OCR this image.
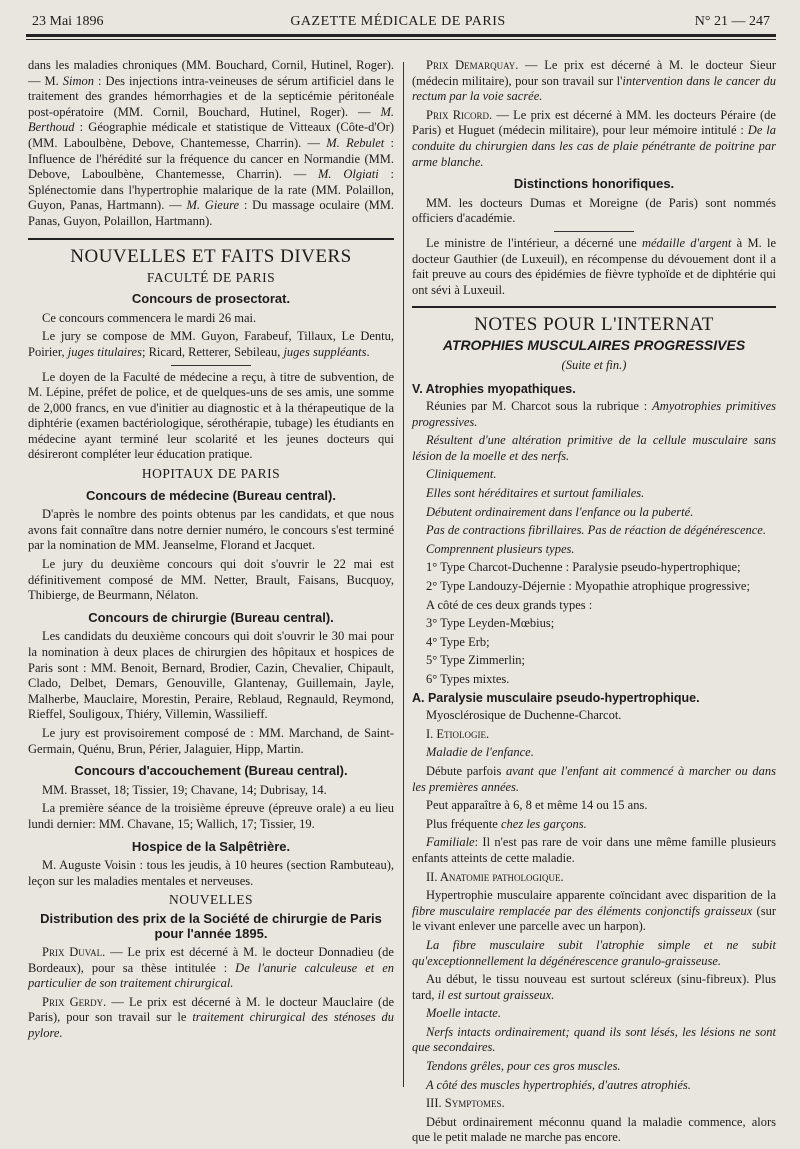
23 Mai 1896	GAZETTE MÉDICALE DE PARIS	N° 21 — 247

dans les maladies chroniques (MM. Bouchard, Cornil, Hutinel, Roger). — M. Simon : Des injections intra-veineuses de sérum artificiel dans le traitement des grandes hémorrhagies et de la septicémie péritonéale post-opératoire (MM. Cornil, Bouchard, Hutinel, Roger). — M. Berthoud : Géographie médicale et statistique de Vitteaux (Côte-d'Or) (MM. Laboulbène, Debove, Chantemesse, Charrin). — M. Rebulet : Influence de l'hérédité sur la fréquence du cancer en Normandie (MM. Debove, Laboulbène, Chantemesse, Charrin). — M. Olgiati : Splénectomie dans l'hypertrophie malarique de la rate (MM. Polaillon, Guyon, Panas, Hartmann). — M. Gieure : Du massage oculaire (MM. Panas, Guyon, Polaillon, Hartmann).

NOUVELLES ET FAITS DIVERS
FACULTÉ DE PARIS
Concours de prosectorat.

Ce concours commencera le mardi 26 mai.

Le jury se compose de MM. Guyon, Farabeuf, Tillaux, Le Dentu, Poirier, juges titulaires; Ricard, Retterer, Sebileau, juges suppléants.

Le doyen de la Faculté de médecine a reçu, à titre de subvention, de M. Lépine, préfet de police, et de quelques-uns de ses amis, une somme de 2,000 francs, en vue d'initier au diagnostic et à la thérapeutique de la diphtérie (examen bactériologique, sérothérapie, tubage) les étudiants en médecine ayant terminé leur scolarité et les jeunes docteurs qui désireront compléter leur éducation pratique.

HOPITAUX DE PARIS
Concours de médecine (Bureau central).

D'après le nombre des points obtenus par les candidats, et que nous avons fait connaître dans notre dernier numéro, le concours s'est terminé par la nomination de MM. Jeanselme, Florand et Jacquet.

Le jury du deuxième concours qui doit s'ouvrir le 22 mai est définitivement composé de MM. Netter, Brault, Faisans, Bucquoy, Thibierge, de Beurmann, Nélaton.

Concours de chirurgie (Bureau central).

Les candidats du deuxième concours qui doit s'ouvrir le 30 mai pour la nomination à deux places de chirurgien des hôpitaux et hospices de Paris sont : MM. Benoit, Bernard, Brodier, Cazin, Chevalier, Chipault, Clado, Delbet, Demars, Genouville, Glantenay, Guillemain, Jayle, Malherbe, Mauclaire, Morestin, Peraire, Reblaud, Regnauld, Reymond, Rieffel, Souligoux, Thiéry, Villemin, Wassilieff.

Le jury est provisoirement composé de : MM. Marchand, de Saint-Germain, Quénu, Brun, Périer, Jalaguier, Hipp, Martin.

Concours d'accouchement (Bureau central).

MM. Brasset, 18; Tissier, 19; Chavane, 14; Dubrisay, 14.

La première séance de la troisième épreuve (épreuve orale) a eu lieu lundi dernier: MM. Chavane, 15; Wallich, 17; Tissier, 19.

Hospice de la Salpêtrière.

M. Auguste Voisin : tous les jeudis, à 10 heures (section Rambuteau), leçon sur les maladies mentales et nerveuses.

NOUVELLES
Distribution des prix de la Société de chirurgie de Paris pour l'année 1895.

Prix Duval. — Le prix est décerné à M. le docteur Donnadieu (de Bordeaux), pour sa thèse intitulée : De l'anurie calculeuse et en particulier de son traitement chirurgical.

Prix Gerdy. — Le prix est décerné à M. le docteur Mauclaire (de Paris), pour son travail sur le traitement chirurgical des sténoses du pylore.

Prix Demarquay. — Le prix est décerné à M. le docteur Sieur (médecin militaire), pour son travail sur l'intervention dans le cancer du rectum par la voie sacrée.

Prix Ricord. — Le prix est décerné à MM. les docteurs Péraire (de Paris) et Huguet (médecin militaire), pour leur mémoire intitulé : De la conduite du chirurgien dans les cas de plaie pénétrante de poitrine par arme blanche.

Distinctions honorifiques.

MM. les docteurs Dumas et Moreigne (de Paris) sont nommés officiers d'académie.

Le ministre de l'intérieur, a décerné une médaille d'argent à M. le docteur Gauthier (de Luxeuil), en récompense du dévouement dont il a fait preuve au cours des épidémies de fièvre typhoïde et de diphtérie qui ont sévi à Luxeuil.

NOTES POUR L'INTERNAT
ATROPHIES MUSCULAIRES PROGRESSIVES
(Suite et fin.)
V. Atrophies myopathiques.

Réunies par M. Charcot sous la rubrique : Amyotrophies primitives progressives.

Résultent d'une altération primitive de la cellule musculaire sans lésion de la moelle et des nerfs.

Cliniquement.

Elles sont héréditaires et surtout familiales.

Débutent ordinairement dans l'enfance ou la puberté.

Pas de contractions fibrillaires. Pas de réaction de dégénérescence.

Comprennent plusieurs types.

1° Type Charcot-Duchenne : Paralysie pseudo-hypertrophique;

2° Type Landouzy-Déjernie : Myopathie atrophique progressive;

A côté de ces deux grands types :

3° Type Leyden-Mœbius;

4° Type Erb;

5° Type Zimmerlin;

6° Types mixtes.

A. Paralysie musculaire pseudo-hypertrophique.

Myosclérosique de Duchenne-Charcot.

I. Etiologie.

Maladie de l'enfance.

Débute parfois avant que l'enfant ait commencé à marcher ou dans les premières années.

Peut apparaître à 6, 8 et même 14 ou 15 ans.

Plus fréquente chez les garçons.

Familiale: Il n'est pas rare de voir dans une même famille plusieurs enfants atteints de cette maladie.

II. Anatomie pathologique.

Hypertrophie musculaire apparente coïncidant avec disparition de la fibre musculaire remplacée par des éléments conjonctifs graisseux (sur le vivant enlever une parcelle avec un harpon).

La fibre musculaire subit l'atrophie simple et ne subit qu'exceptionnellement la dégénérescence granulo-graisseuse.

Au début, le tissu nouveau est surtout scléreux (sinu-fibreux). Plus tard, il est surtout graisseux.

Moelle intacte.

Nerfs intacts ordinairement; quand ils sont lésés, les lésions ne sont que secondaires.

Tendons grêles, pour ces gros muscles.

A côté des muscles hypertrophiés, d'autres atrophiés.

III. Symptomes.

Début ordinairement méconnu quand la maladie commence, alors que le petit malade ne marche pas encore.
